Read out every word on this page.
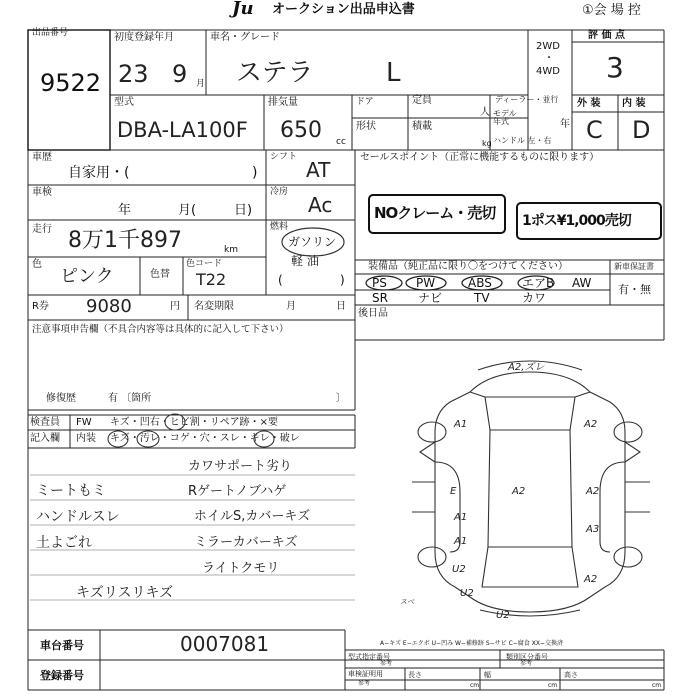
Ju オークション出品申込書	①会 場 控
出品番号
9522
初度登録年月
23 9 月
車名・グレード
ステラ	L
2WD
・
4WD
評 価 点
3
型式
DBA-LA100F
排気量
650 cc
ドア
形状
定員
人
積載
kg
ディーラー・並行
モデル年式	年
ハンドル 左・右
外 装 内 装
C D
車歴
自家用・(	)
シフト
AT
セールスポイント（正常に機能するものに限ります）
車検
年	月(	日)
冷房
Ac
走行 8万1千897	km
燃料
ガソリン
軽 油
(	)
色
ピンク	色替
色コード
T22
R券 9080	円 名変期限	月	日
NOクレーム・売切 1ポス¥1,000売切
装備品（純正品に限り〇をつけてください）	新車保証書
有・無
PS PW	ABS	エアB AW
SR	ナビ	TV	カワ
後日品
注意事項申告欄（不具合内容等は具体的に記入して下さい）
修復歴	有 〔箇所	〕
検査員
記入欄
FW キズ・凹右・ヒビ割・リペア跡・×要
内装 キズ・汚レ・コゲ・穴・スレ・キレ・破レ
ミートもミ
ハンドルスレ
土よごれ
キズリスリキズ
カワサポート劣り
Rゲートノブハゲ
ホイルS,カバーキズ
ミラーカバーキズ
ライトクモリ
A2,ズレ
A1	A2
E	A2	A2
A1
A3
A1
U2
A2
U2
U2
スベ
A−キズ E−エクボ U−凹み W−補修跡 S−サビ C−腐食 XX−交換済
車台番号	0007081
登録番号
型式指定番号
参考
類別区分番号
参考
車検証明用
参考
長さ
cm
幅
cm
高さ
cm
